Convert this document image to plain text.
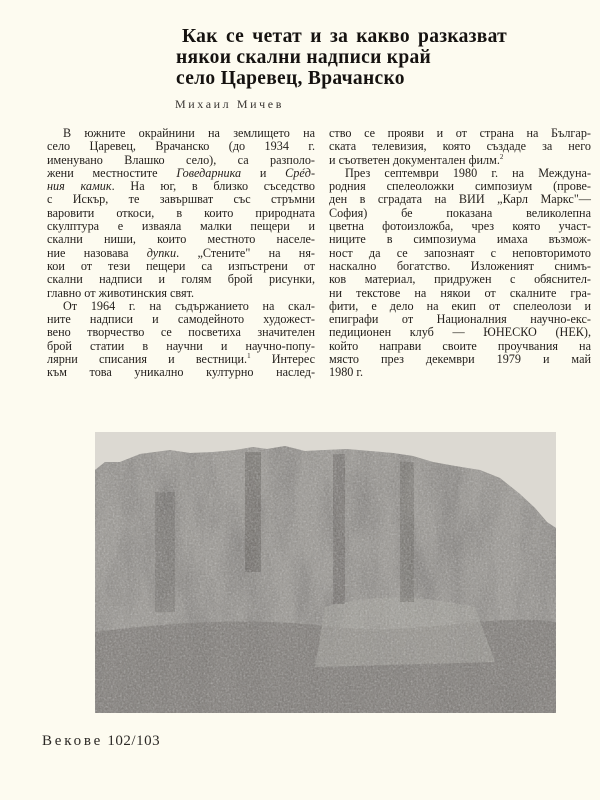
Как се четат и за какво разказват
някои скални надписи край
село Царевец, Врачанско
Михаил Мичев

В южните окрайнини на землището на

село Царевец, Врачанско (до 1934 г.
именувано Влашко село), са разполо-
жени местностите Говедарника и Срéд-
ния камик. На юг, в близко съседство
с Искър, те завършват със стръмни
варовити откоси, в които природната
скулптура е изваяла малки пещери и
скални ниши, които местното населе-
ние назовава дупки. „Стените" на ня-
кои от тези пещери са изпъстрени от
скални надписи и голям брой рисунки,
главно от животинския свят.

От 1964 г. на съдържанието на скал-

ните надписи и самодейното художест-
вено творчество се посветиха значителен
брой статии в научни и научно-попу-
лярни списания и вестници.$^1$ Интерес
към това уникално културно наслед-

ство се прояви и от страна на Българ-
ската телевизия, която създаде за него
и съответен документален филм.$^2$

През септември 1980 г. на Междуна-

родния спелеоложки симпозиум (прове-
ден в сградата на ВИИ „Карл Маркс"—
София) бе показана великолепна
цветна фотоизложба, чрез която участ-
ниците в симпозиума имаха възмож-
ност да се запознаят с неповторимото
наскално богатство. Изложеният снимъ-
ков материал, придружен с обяснител-
ни текстове на някои от скалните гра-
фити, е дело на екип от спелеолози и
епиграфи от Националния научно-екс-
педиционен клуб — ЮНЕСКО (НЕК),
който направи своите проучвания на
място през декември 1979 и май
1980 г.

Векове 102/103
